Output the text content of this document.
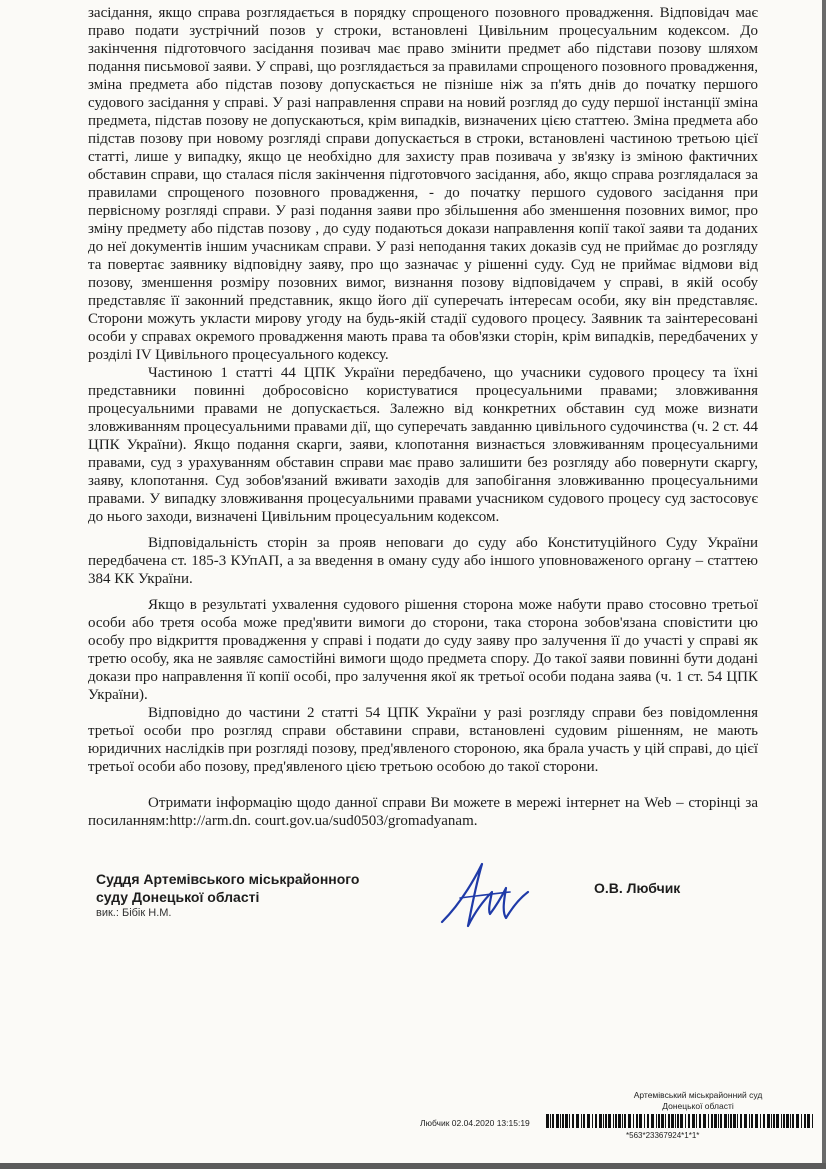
засідання, якщо справа розглядається в порядку спрощеного позовного провадження. Відповідач має право подати зустрічний позов у строки, встановлені Цивільним процесуальним кодексом. До закінчення підготовчого засідання позивач має право змінити предмет або підстави позову шляхом подання письмової заяви. У справі, що розглядається за правилами спрощеного позовного провадження, зміна предмета або підстав позову допускається не пізніше ніж за п'ять днів до початку першого судового засідання у справі. У разі направлення справи на новий розгляд до суду першої інстанції зміна предмета, підстав позову не допускаються, крім випадків, визначених цією статтею. Зміна предмета або підстав позову при новому розгляді справи допускається в строки, встановлені частиною третьою цієї статті, лише у випадку, якщо це необхідно для захисту прав позивача у зв'язку із зміною фактичних обставин справи, що сталася після закінчення підготовчого засідання, або, якщо справа розглядалася за правилами спрощеного позовного провадження, - до початку першого судового засідання при первісному розгляді справи. У разі подання заяви про збільшення або зменшення позовних вимог, про зміну предмету або підстав позову , до суду подаються докази направлення копії такої заяви та доданих до неї документів іншим учасникам справи. У разі неподання таких доказів суд не приймає до розгляду та повертає заявнику відповідну заяву, про що зазначає у рішенні суду. Суд не приймає відмови від позову, зменшення розміру позовних вимог, визнання позову відповідачем у справі, в якій особу представляє її законний представник, якщо його дії суперечать інтересам особи, яку він представляє. Сторони можуть укласти мирову угоду на будь-якій стадії судового процесу. Заявник та заінтересовані особи у справах окремого провадження мають права та обов'язки сторін, крім випадків, передбачених у розділі IV Цивільного процесуального кодексу.

Частиною 1 статті 44 ЦПК України передбачено, що учасники судового процесу та їхні представники повинні добросовісно користуватися процесуальними правами; зловживання процесуальними правами не допускається. Залежно від конкретних обставин суд може визнати зловживанням процесуальними правами дії, що суперечать завданню цивільного судочинства (ч. 2 ст. 44 ЦПК України). Якщо подання скарги, заяви, клопотання визнається зловживанням процесуальними правами, суд з урахуванням обставин справи має право залишити без розгляду або повернути скаргу, заяву, клопотання. Суд зобов'язаний вживати заходів для запобігання зловживанню процесуальними правами. У випадку зловживання процесуальними правами учасником судового процесу суд застосовує до нього заходи, визначені Цивільним процесуальним кодексом.

Відповідальність сторін за прояв неповаги до суду або Конституційного Суду України передбачена ст. 185-3 КУпАП, а за введення в оману суду або іншого уповноваженого органу – статтею 384 КК України.

Якщо в результаті ухвалення судового рішення сторона може набути право стосовно третьої особи або третя особа може пред'явити вимоги до сторони, така сторона зобов'язана сповістити цю особу про відкриття провадження у справі і подати до суду заяву про залучення її до участі у справі як третю особу, яка не заявляє самостійні вимоги щодо предмета спору. До такої заяви повинні бути додані докази про направлення її копії особі, про залучення якої як третьої особи подана заява (ч. 1 ст. 54 ЦПК України).

Відповідно до частини 2 статті 54 ЦПК України у разі розгляду справи без повідомлення третьої особи про розгляд справи обставини справи, встановлені судовим рішенням, не мають юридичних наслідків при розгляді позову, пред'явленого стороною, яка брала участь у цій справі, до цієї третьої особи або позову, пред'явленого цією третьою особою до такої сторони.

Отримати інформацію щодо данної справи Ви можете в мережі інтернет на Web – сторінці за посиланням:http://arm.dn. court.gov.ua/sud0503/gromadyanam.

Суддя Артемівського міськрайонного
суду Донецької області
вик.: Бібік Н.М.
О.В. Любчик
Артемівський міськрайонний суд
Донецької області
Любчик 02.04.2020 13:15:19
*563*23367924*1*1*
